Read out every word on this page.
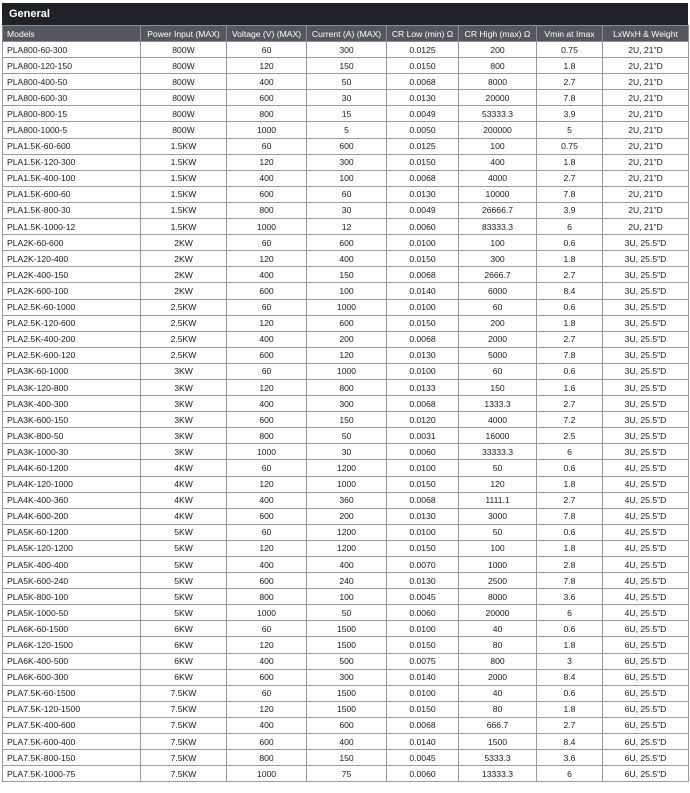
General
Models	Power Input (MAX)	Voltage (V) (MAX)	Current (A) (MAX)	CR Low (min) Ω	CR High (max) Ω	Vmin at Imax	LxWxH & Weight
PLA800-60-300	800W	60	300	0.0125	200	0.75	2U, 21"D
PLA800-120-150	800W	120	150	0.0150	800	1.8	2U, 21"D
PLA800-400-50	800W	400	50	0.0068	8000	2.7	2U, 21"D
PLA800-600-30	800W	600	30	0.0130	20000	7.8	2U, 21"D
PLA800-800-15	800W	800	15	0.0049	53333.3	3.9	2U, 21"D
PLA800-1000-5	800W	1000	5	0.0050	200000	5	2U, 21"D
PLA1.5K-60-600	1.5KW	60	600	0.0125	100	0.75	2U, 21"D
PLA1.5K-120-300	1.5KW	120	300	0.0150	400	1.8	2U, 21"D
PLA1.5K-400-100	1.5KW	400	100	0.0068	4000	2.7	2U, 21"D
PLA1.5K-600-60	1.5KW	600	60	0.0130	10000	7.8	2U, 21"D
PLA1.5K-800-30	1.5KW	800	30	0.0049	26666.7	3.9	2U, 21"D
PLA1.5K-1000-12	1.5KW	1000	12	0.0060	83333.3	6	2U, 21"D
PLA2K-60-600	2KW	60	600	0.0100	100	0.6	3U, 25.5"D
PLA2K-120-400	2KW	120	400	0.0150	300	1.8	3U, 25.5"D
PLA2K-400-150	2KW	400	150	0.0068	2666.7	2.7	3U, 25.5"D
PLA2K-600-100	2KW	600	100	0.0140	6000	8.4	3U, 25.5"D
PLA2.5K-60-1000	2.5KW	60	1000	0.0100	60	0.6	3U, 25.5"D
PLA2.5K-120-600	2.5KW	120	600	0.0150	200	1.8	3U, 25.5"D
PLA2.5K-400-200	2.5KW	400	200	0.0068	2000	2.7	3U, 25.5"D
PLA2.5K-600-120	2.5KW	600	120	0.0130	5000	7.8	3U, 25.5"D
PLA3K-60-1000	3KW	60	1000	0.0100	60	0.6	3U, 25.5"D
PLA3K-120-800	3KW	120	800	0.0133	150	1.6	3U, 25.5"D
PLA3K-400-300	3KW	400	300	0.0068	1333.3	2.7	3U, 25.5"D
PLA3K-600-150	3KW	600	150	0.0120	4000	7.2	3U, 25.5"D
PLA3K-800-50	3KW	800	50	0.0031	16000	2.5	3U, 25.5"D
PLA3K-1000-30	3KW	1000	30	0.0060	33333.3	6	3U, 25.5"D
PLA4K-60-1200	4KW	60	1200	0.0100	50	0.6	4U, 25.5"D
PLA4K-120-1000	4KW	120	1000	0.0150	120	1.8	4U, 25.5"D
PLA4K-400-360	4KW	400	360	0.0068	1111.1	2.7	4U, 25.5"D
PLA4K-600-200	4KW	600	200	0.0130	3000	7.8	4U, 25.5"D
PLA5K-60-1200	5KW	60	1200	0.0100	50	0.6	4U, 25.5"D
PLA5K-120-1200	5KW	120	1200	0.0150	100	1.8	4U, 25.5"D
PLA5K-400-400	5KW	400	400	0.0070	1000	2.8	4U, 25.5"D
PLA5K-600-240	5KW	600	240	0.0130	2500	7.8	4U, 25.5"D
PLA5K-800-100	5KW	800	100	0.0045	8000	3.6	4U, 25.5"D
PLA5K-1000-50	5KW	1000	50	0.0060	20000	6	4U, 25.5"D
PLA6K-60-1500	6KW	60	1500	0.0100	40	0.6	6U, 25.5"D
PLA6K-120-1500	6KW	120	1500	0.0150	80	1.8	6U, 25.5"D
PLA6K-400-500	6KW	400	500	0.0075	800	3	6U, 25.5"D
PLA6K-600-300	6KW	600	300	0.0140	2000	8.4	6U, 25.5"D
PLA7.5K-60-1500	7.5KW	60	1500	0.0100	40	0.6	6U, 25.5"D
PLA7.5K-120-1500	7.5KW	120	1500	0.0150	80	1.8	6U, 25.5"D
PLA7.5K-400-600	7.5KW	400	600	0.0068	666.7	2.7	6U, 25.5"D
PLA7.5K-600-400	7.5KW	600	400	0.0140	1500	8.4	6U, 25.5"D
PLA7.5K-800-150	7.5KW	800	150	0.0045	5333.3	3.6	6U, 25.5"D
PLA7.5K-1000-75	7.5KW	1000	75	0.0060	13333.3	6	6U, 25.5"D
